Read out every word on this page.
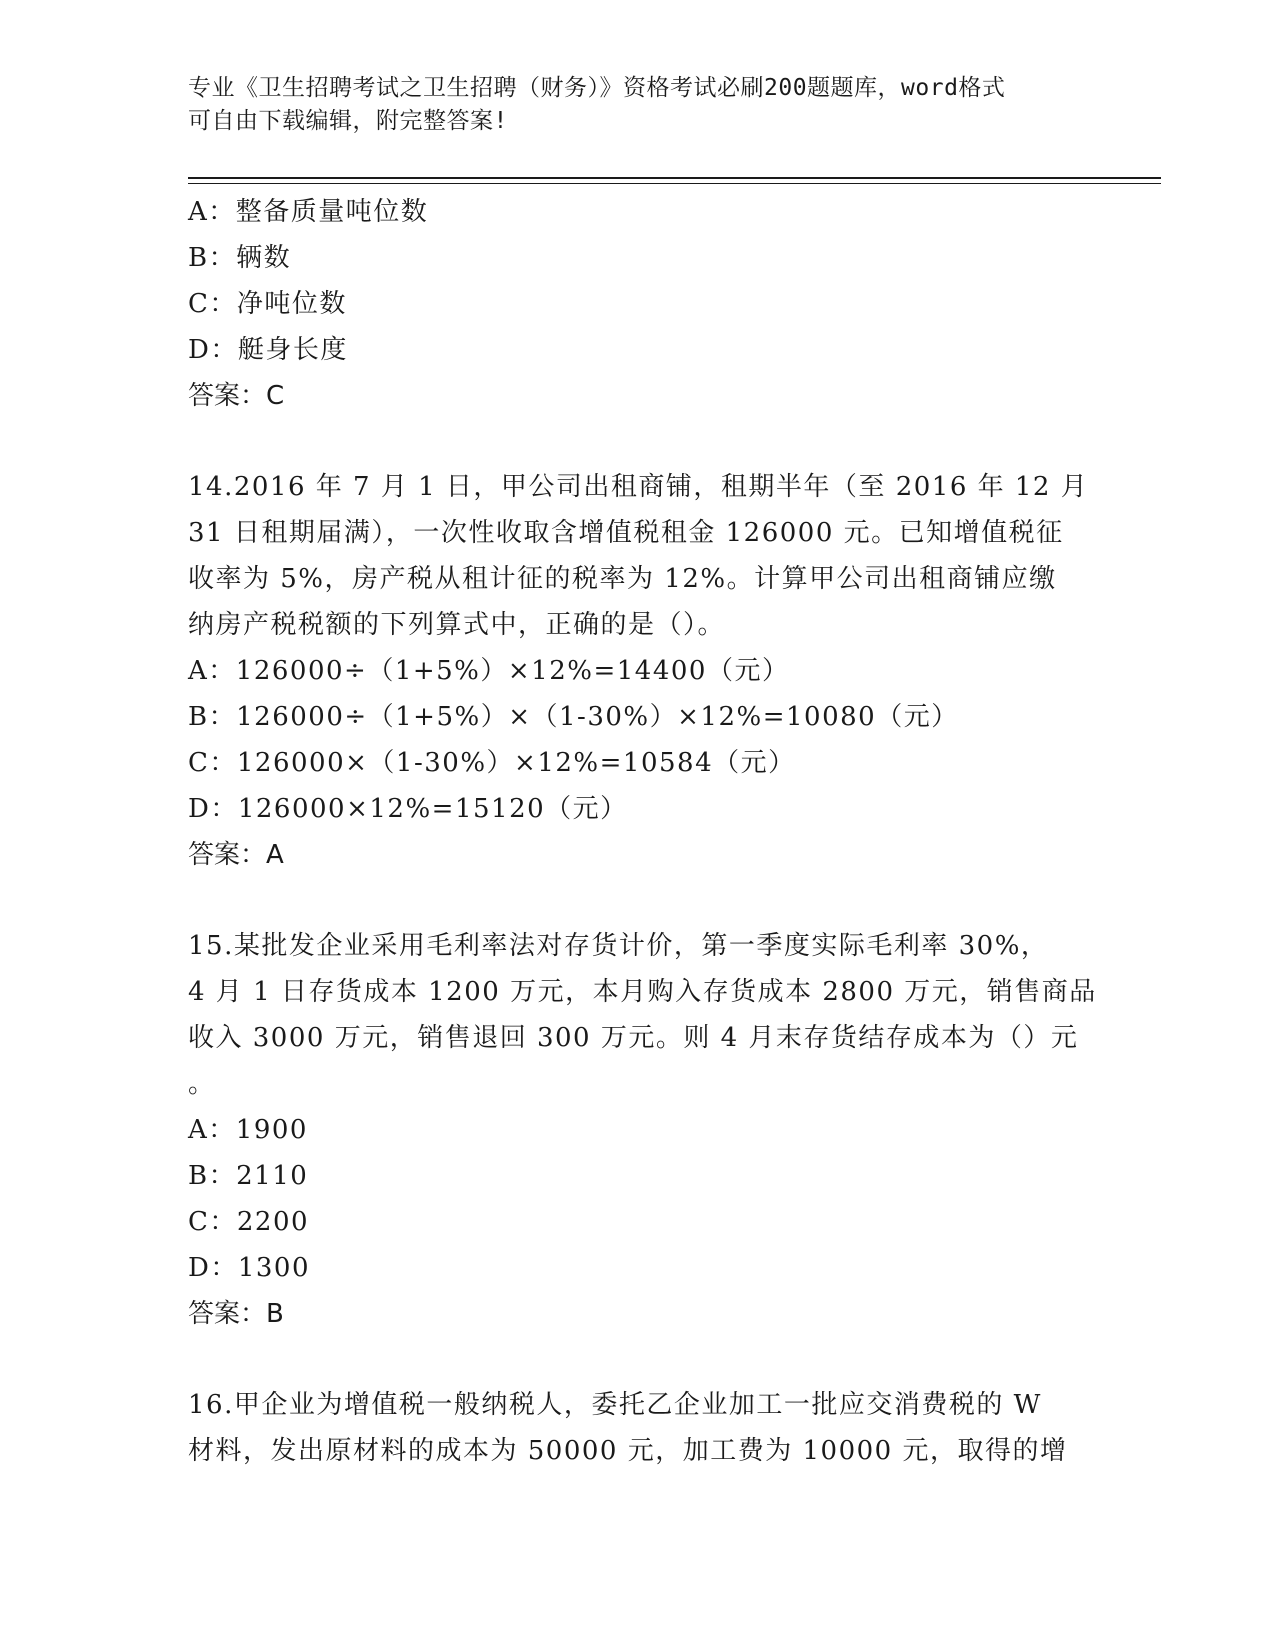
专业《卫生招聘考试之卫生招聘（财务）》资格考试必刷200题题库，word格式
可自由下载编辑，附完整答案!
A：整备质量吨位数
B：辆数
C：净吨位数
D：艇身长度
答案：C
14.2016 年 7 月 1 日，甲公司出租商铺，租期半年（至 2016 年 12 月
31 日租期届满），一次性收取含增值税租金 126000 元。已知增值税征
收率为 5%，房产税从租计征的税率为 12%。计算甲公司出租商铺应缴
纳房产税税额的下列算式中，正确的是（）。
A：126000÷（1+5%）×12%=14400（元）
B：126000÷（1+5%）×（1-30%）×12%=10080（元）
C：126000×（1-30%）×12%=10584（元）
D：126000×12%=15120（元）
答案：A
15.某批发企业采用毛利率法对存货计价，第一季度实际毛利率 30%，
4 月 1 日存货成本 1200 万元，本月购入存货成本 2800 万元，销售商品
收入 3000 万元，销售退回 300 万元。则 4 月末存货结存成本为（）元
。
A：1900
B：2110
C：2200
D：1300
答案：B
16.甲企业为增值税一般纳税人，委托乙企业加工一批应交消费税的 W
材料，发出原材料的成本为 50000 元，加工费为 10000 元，取得的增
